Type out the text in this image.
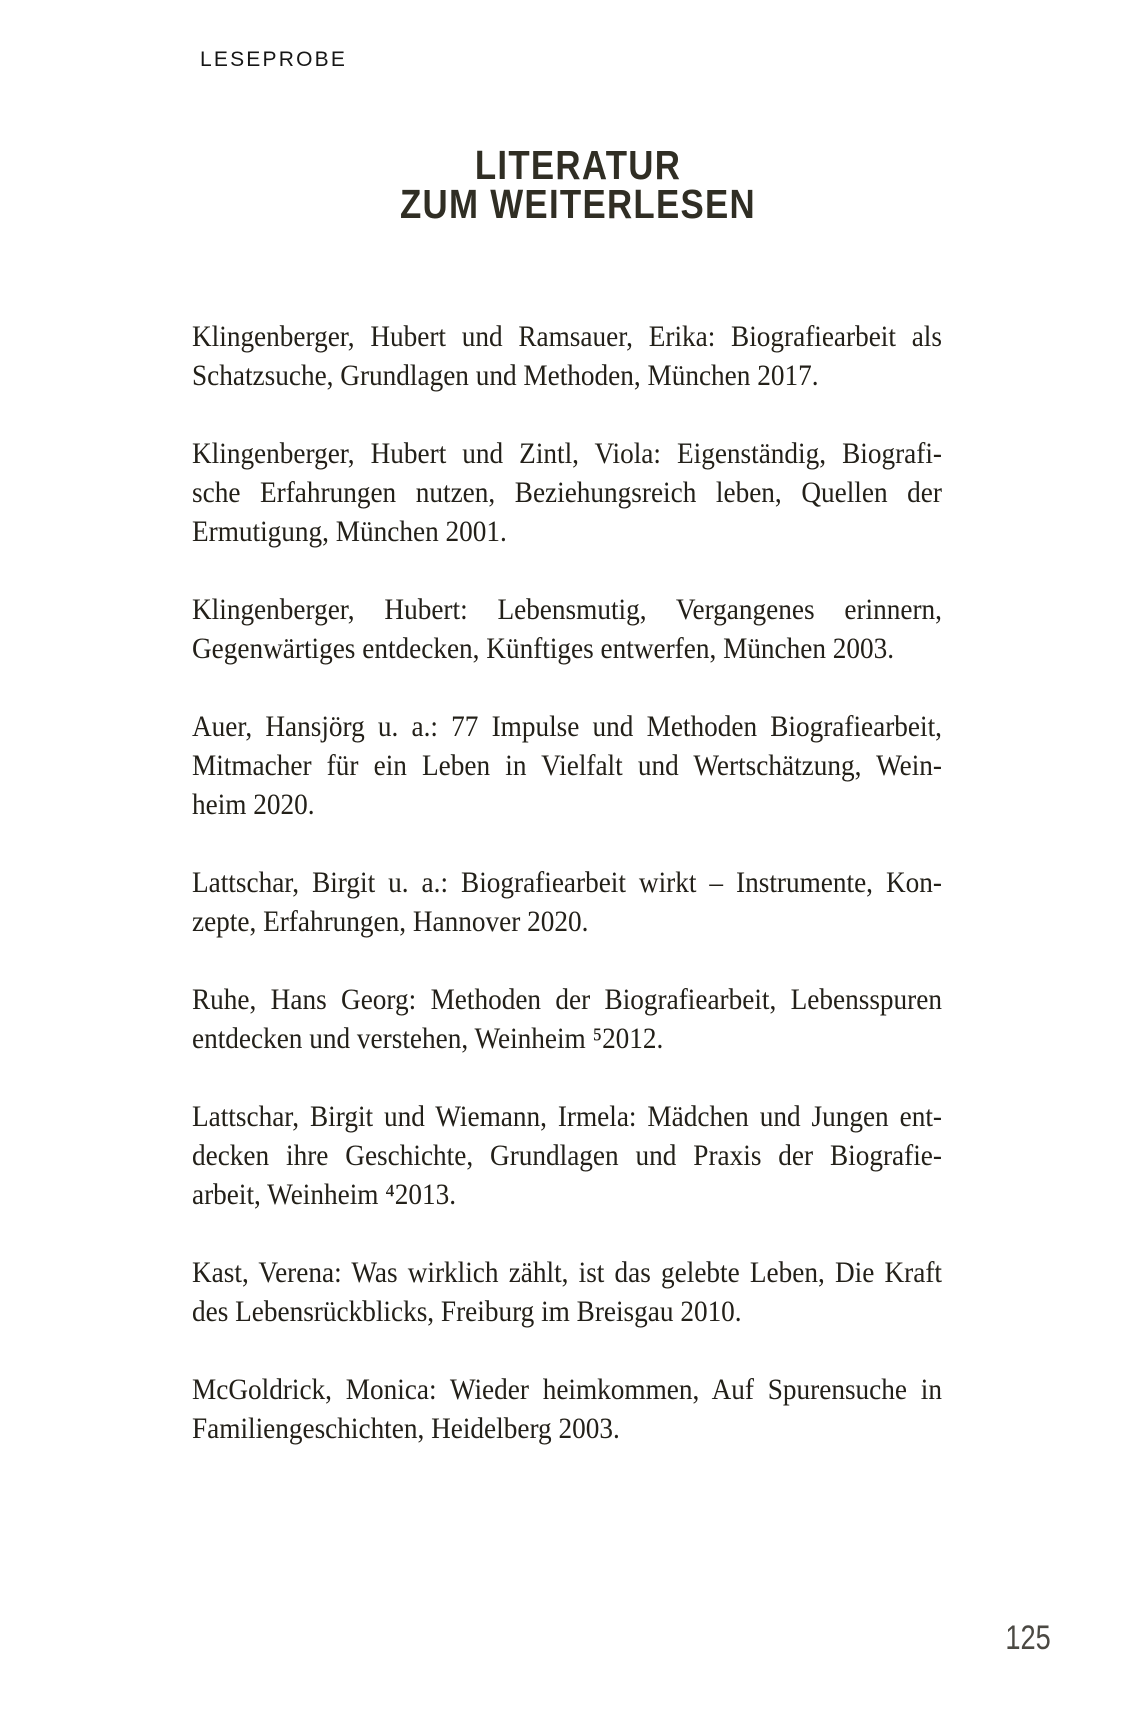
LESEPROBE
LITERATUR
ZUM WEITERLESEN
Klingenberger, Hubert und Ramsauer, Erika: Biografiearbeit als
Schatzsuche, Grundlagen und Methoden, München 2017.
Klingenberger, Hubert und Zintl, Viola: Eigenständig, Biografi-
sche Erfahrungen nutzen, Beziehungsreich leben, Quellen der
Ermutigung, München 2001.
Klingenberger, Hubert: Lebensmutig, Vergangenes erinnern,
Gegenwärtiges entdecken, Künftiges entwerfen, München 2003.
Auer, Hansjörg u. a.: 77 Impulse und Methoden Biografiearbeit,
Mitmacher für ein Leben in Vielfalt und Wertschätzung, Wein-
heim 2020.
Lattschar, Birgit u. a.: Biografiearbeit wirkt – Instrumente, Kon-
zepte, Erfahrungen, Hannover 2020.
Ruhe, Hans Georg: Methoden der Biografiearbeit, Lebensspuren
entdecken und verstehen, Weinheim ⁵2012.
Lattschar, Birgit und Wiemann, Irmela: Mädchen und Jungen ent-
decken ihre Geschichte, Grundlagen und Praxis der Biografie-
arbeit, Weinheim ⁴2013.
Kast, Verena: Was wirklich zählt, ist das gelebte Leben, Die Kraft
des Lebensrückblicks, Freiburg im Breisgau 2010.
McGoldrick, Monica: Wieder heimkommen, Auf Spurensuche in
Familiengeschichten, Heidelberg 2003.
125
